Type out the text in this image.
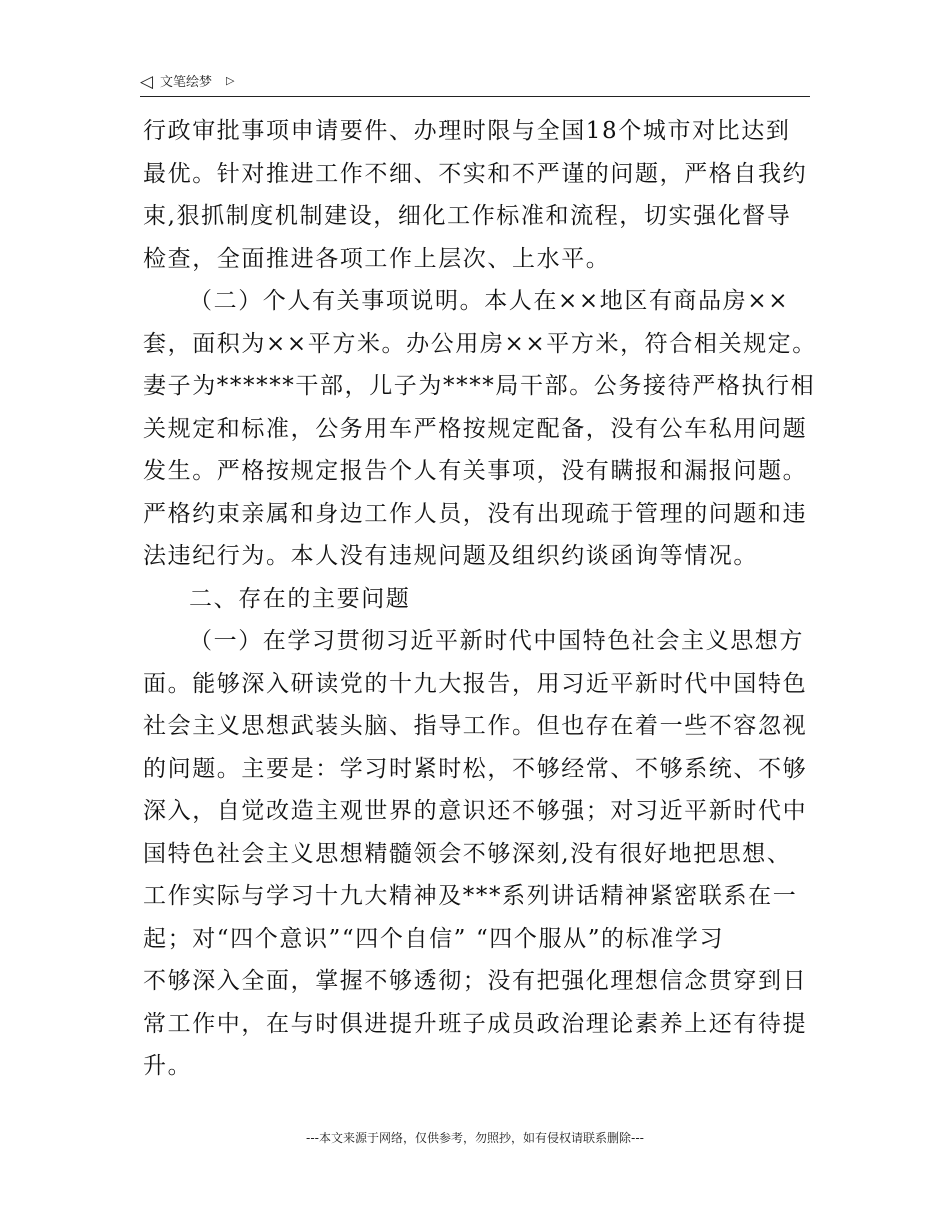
◁ 文笔绘梦 ▷
行政审批事项申请要件、办理时限与全国18个城市对比达到
最优。针对推进工作不细、不实和不严谨的问题，严格自我约
束,狠抓制度机制建设，细化工作标准和流程，切实强化督导
检查，全面推进各项工作上层次、上水平。
（二）个人有关事项说明。本人在××地区有商品房××
套，面积为××平方米。办公用房××平方米，符合相关规定。
妻子为******干部，儿子为****局干部。公务接待严格执行相
关规定和标准，公务用车严格按规定配备，没有公车私用问题
发生。严格按规定报告个人有关事项，没有瞒报和漏报问题。
严格约束亲属和身边工作人员，没有出现疏于管理的问题和违
法违纪行为。本人没有违规问题及组织约谈函询等情况。
二、存在的主要问题
（一）在学习贯彻习近平新时代中国特色社会主义思想方
面。能够深入研读党的十九大报告，用习近平新时代中国特色
社会主义思想武装头脑、指导工作。但也存在着一些不容忽视
的问题。主要是：学习时紧时松，不够经常、不够系统、不够
深入，自觉改造主观世界的意识还不够强；对习近平新时代中
国特色社会主义思想精髓领会不够深刻,没有很好地把思想、
工作实际与学习十九大精神及***系列讲话精神紧密联系在一
起；对“四个意识”“四个自信” “四个服从”的标准学习
不够深入全面，掌握不够透彻；没有把强化理想信念贯穿到日
常工作中，在与时俱进提升班子成员政治理论素养上还有待提
升。
---本文来源于网络，仅供参考，勿照抄，如有侵权请联系删除---
